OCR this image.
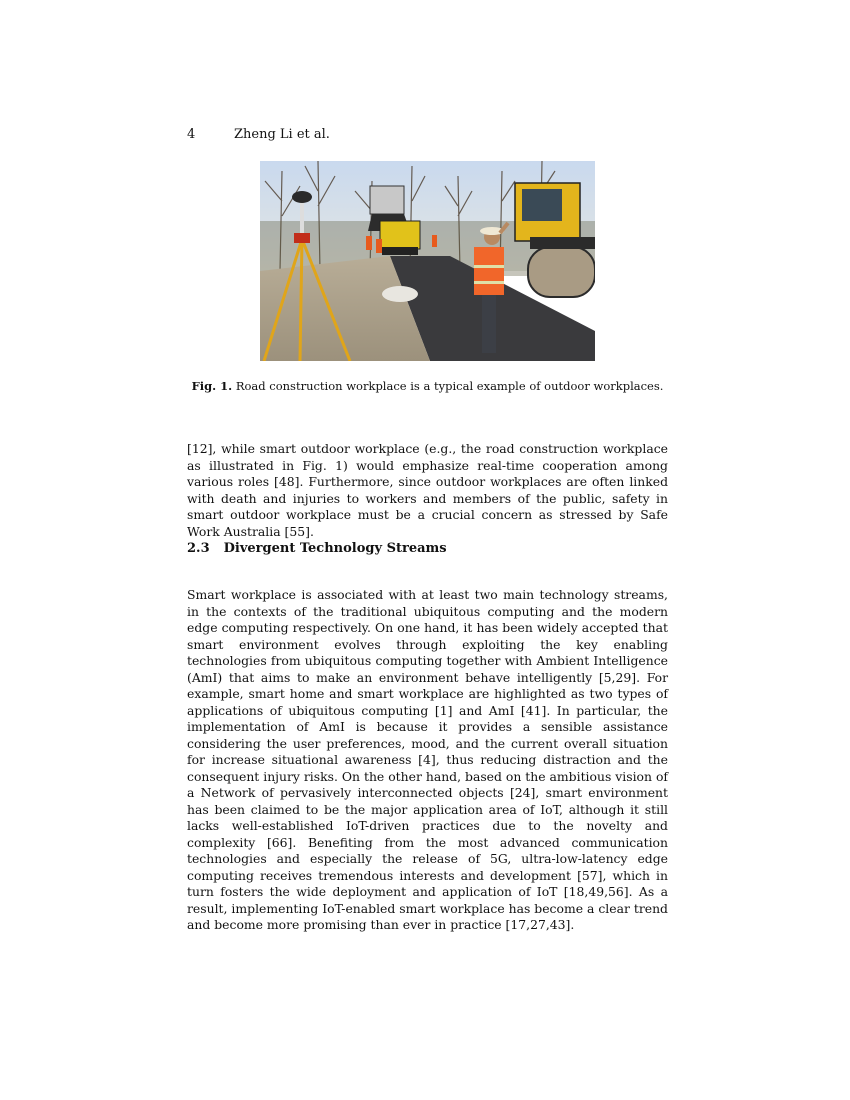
4	Zheng Li et al.
Fig. 1. Road construction workplace is a typical example of outdoor workplaces.

[12], while smart outdoor workplace (e.g., the road construction workplace as illustrated in Fig. 1) would emphasize real-time cooperation among various roles [48]. Furthermore, since outdoor workplaces are often linked with death and injuries to workers and members of the public, safety in smart outdoor workplace must be a crucial concern as stressed by Safe Work Australia [55].

2.3 Divergent Technology Streams

Smart workplace is associated with at least two main technology streams, in the contexts of the traditional ubiquitous computing and the modern edge computing respectively. On one hand, it has been widely accepted that smart environment evolves through exploiting the key enabling technologies from ubiquitous computing together with Ambient Intelligence (AmI) that aims to make an environment behave intelligently [5,29]. For example, smart home and smart workplace are highlighted as two types of applications of ubiquitous computing [1] and AmI [41]. In particular, the implementation of AmI is because it provides a sensible assistance considering the user preferences, mood, and the current overall situation for increase situational awareness [4], thus reducing distraction and the consequent injury risks. On the other hand, based on the ambitious vision of a Network of pervasively interconnected objects [24], smart environment has been claimed to be the major application area of IoT, although it still lacks well-established IoT-driven practices due to the novelty and complexity [66]. Benefiting from the most advanced communication technologies and especially the release of 5G, ultra-low-latency edge computing receives tremendous interests and development [57], which in turn fosters the wide deployment and application of IoT [18,49,56]. As a result, implementing IoT-enabled smart workplace has become a clear trend and become more promising than ever in practice [17,27,43].
